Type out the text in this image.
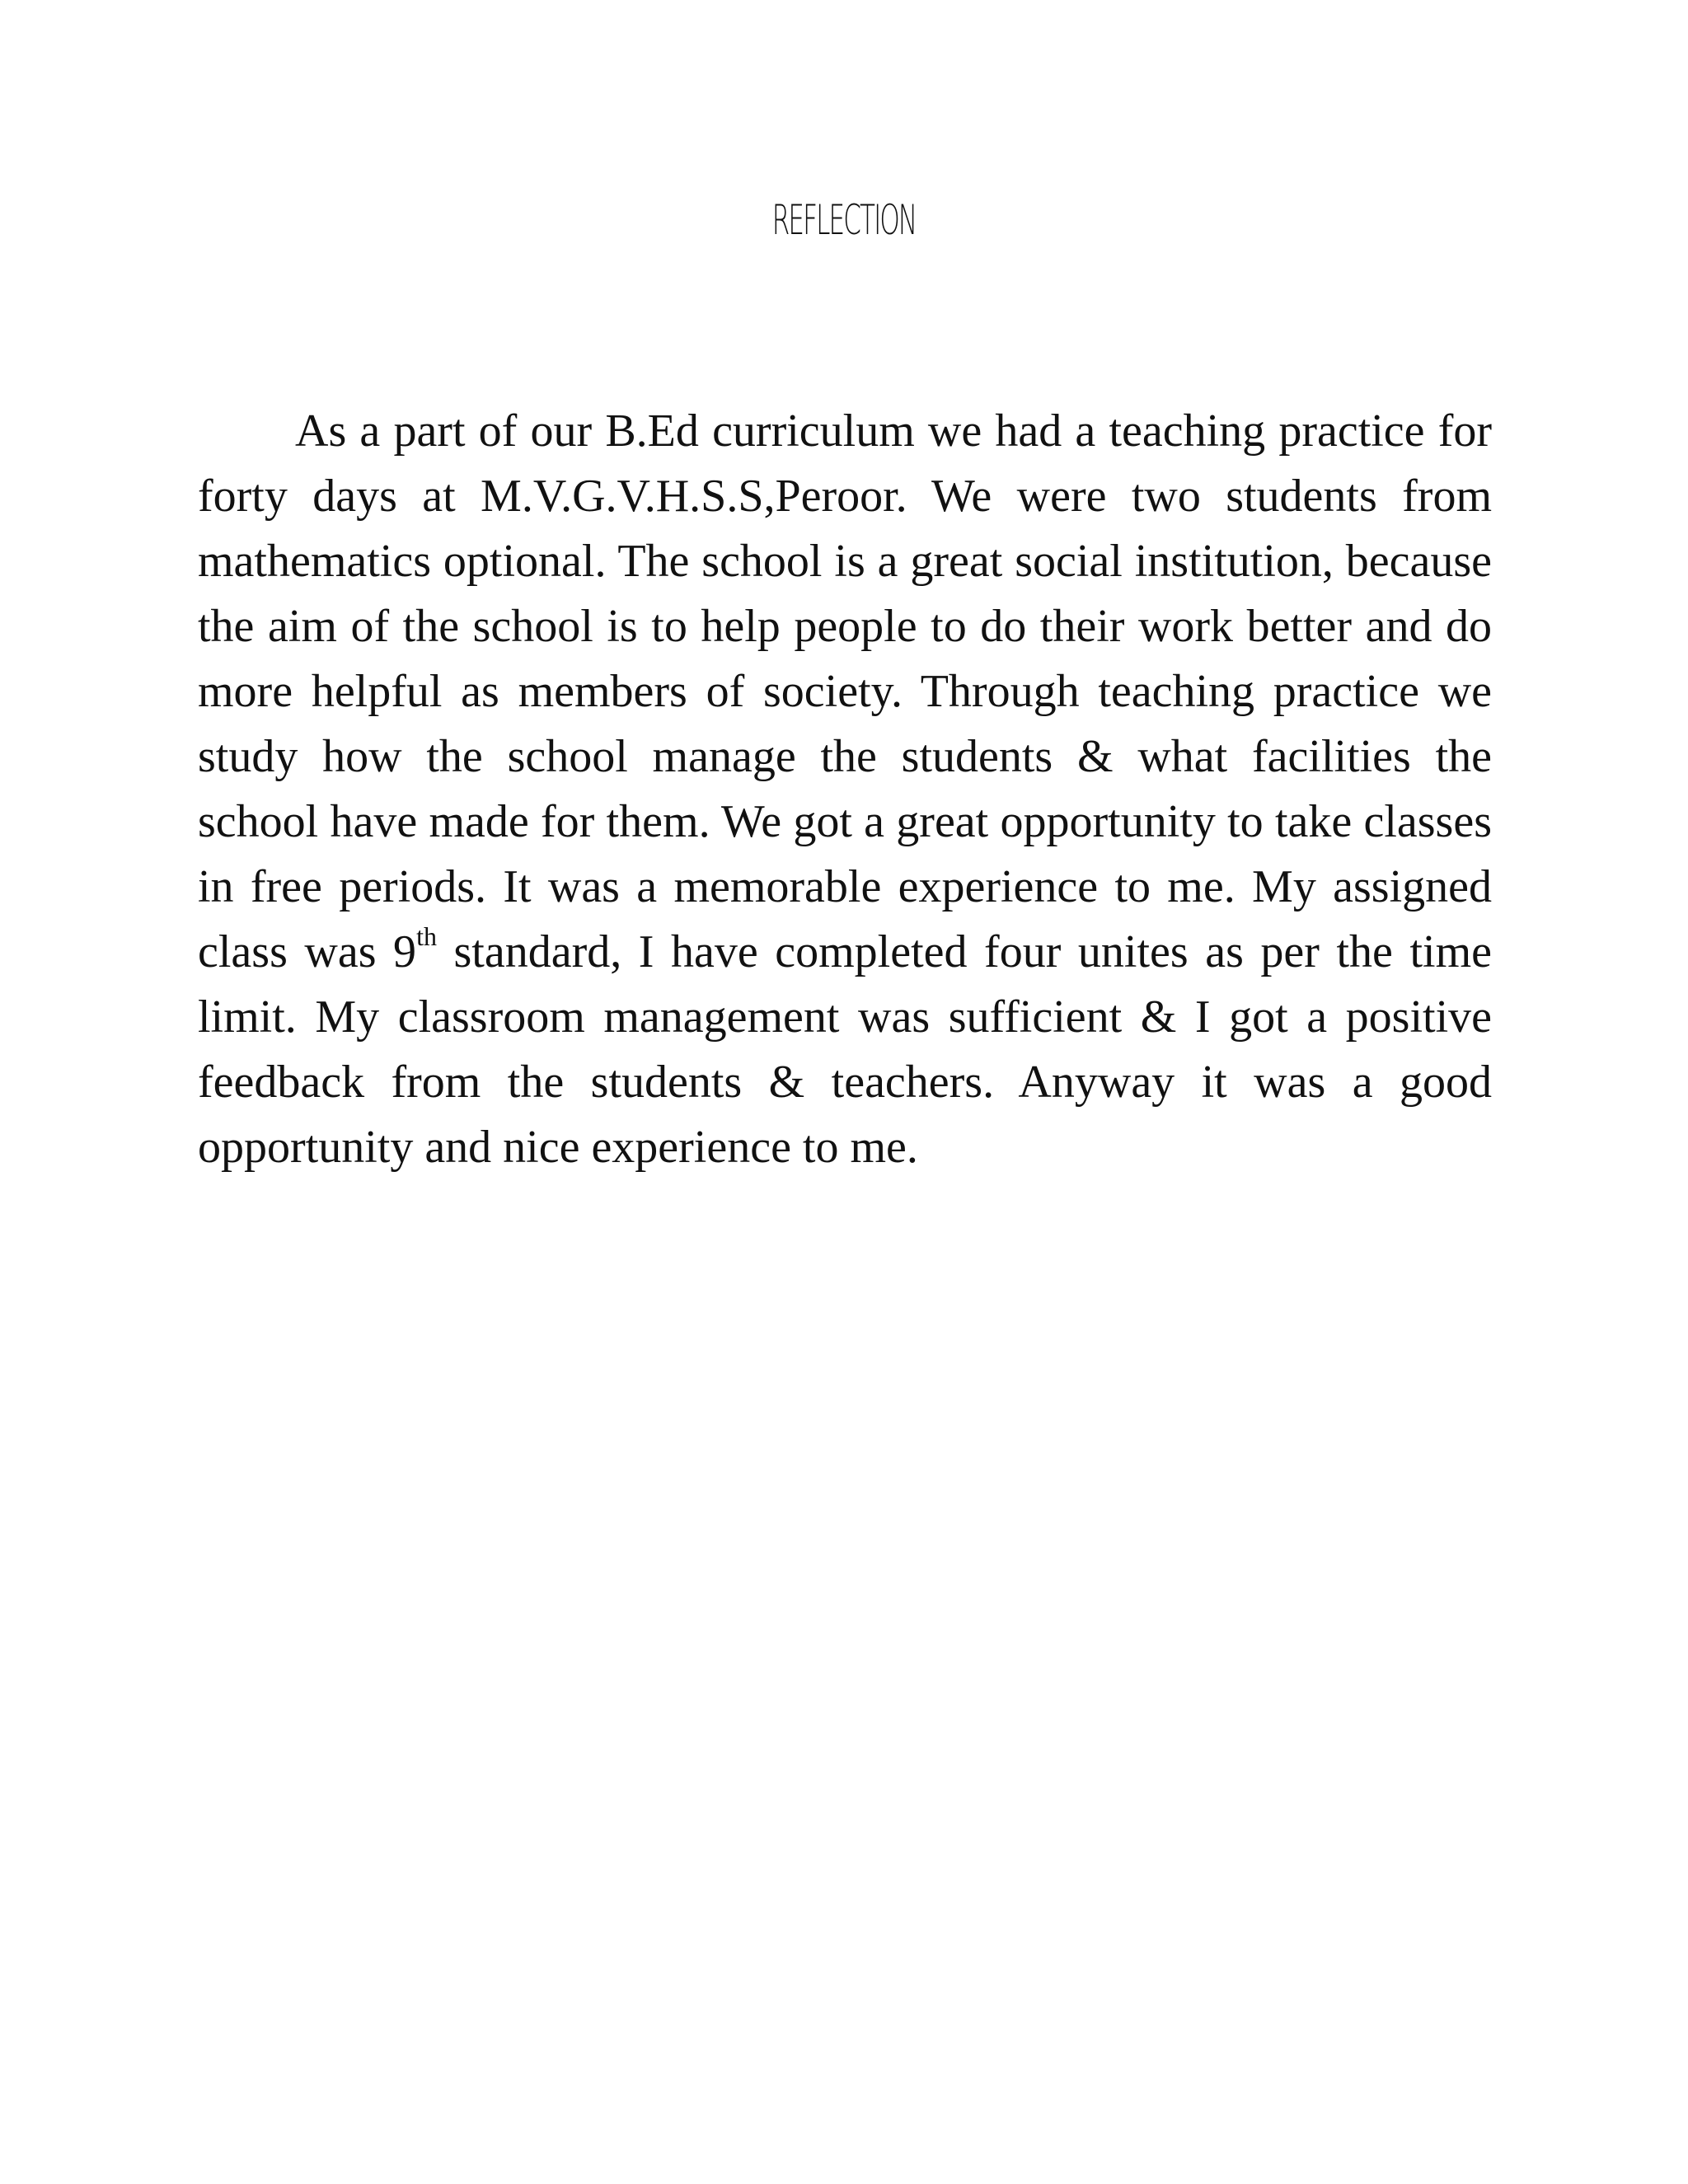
REFLECTION

As a part of our B.Ed curriculum we had a teaching practice for forty days at M.V.G.V.H.S.S,Peroor. We were two students from mathematics optional. The school is a great social institution, because the aim of the school is to help people to do their work better and do more helpful as members of society. Through teaching practice we study how the school manage the students & what facilities the school have made for them. We got a great opportunity to take classes in free periods. It was a memorable experience to me. My assigned class was 9th standard, I have completed four unites as per the time limit. My classroom management was sufficient & I got a positive feedback from the students & teachers. Anyway it was a good opportunity and nice experience to me.
